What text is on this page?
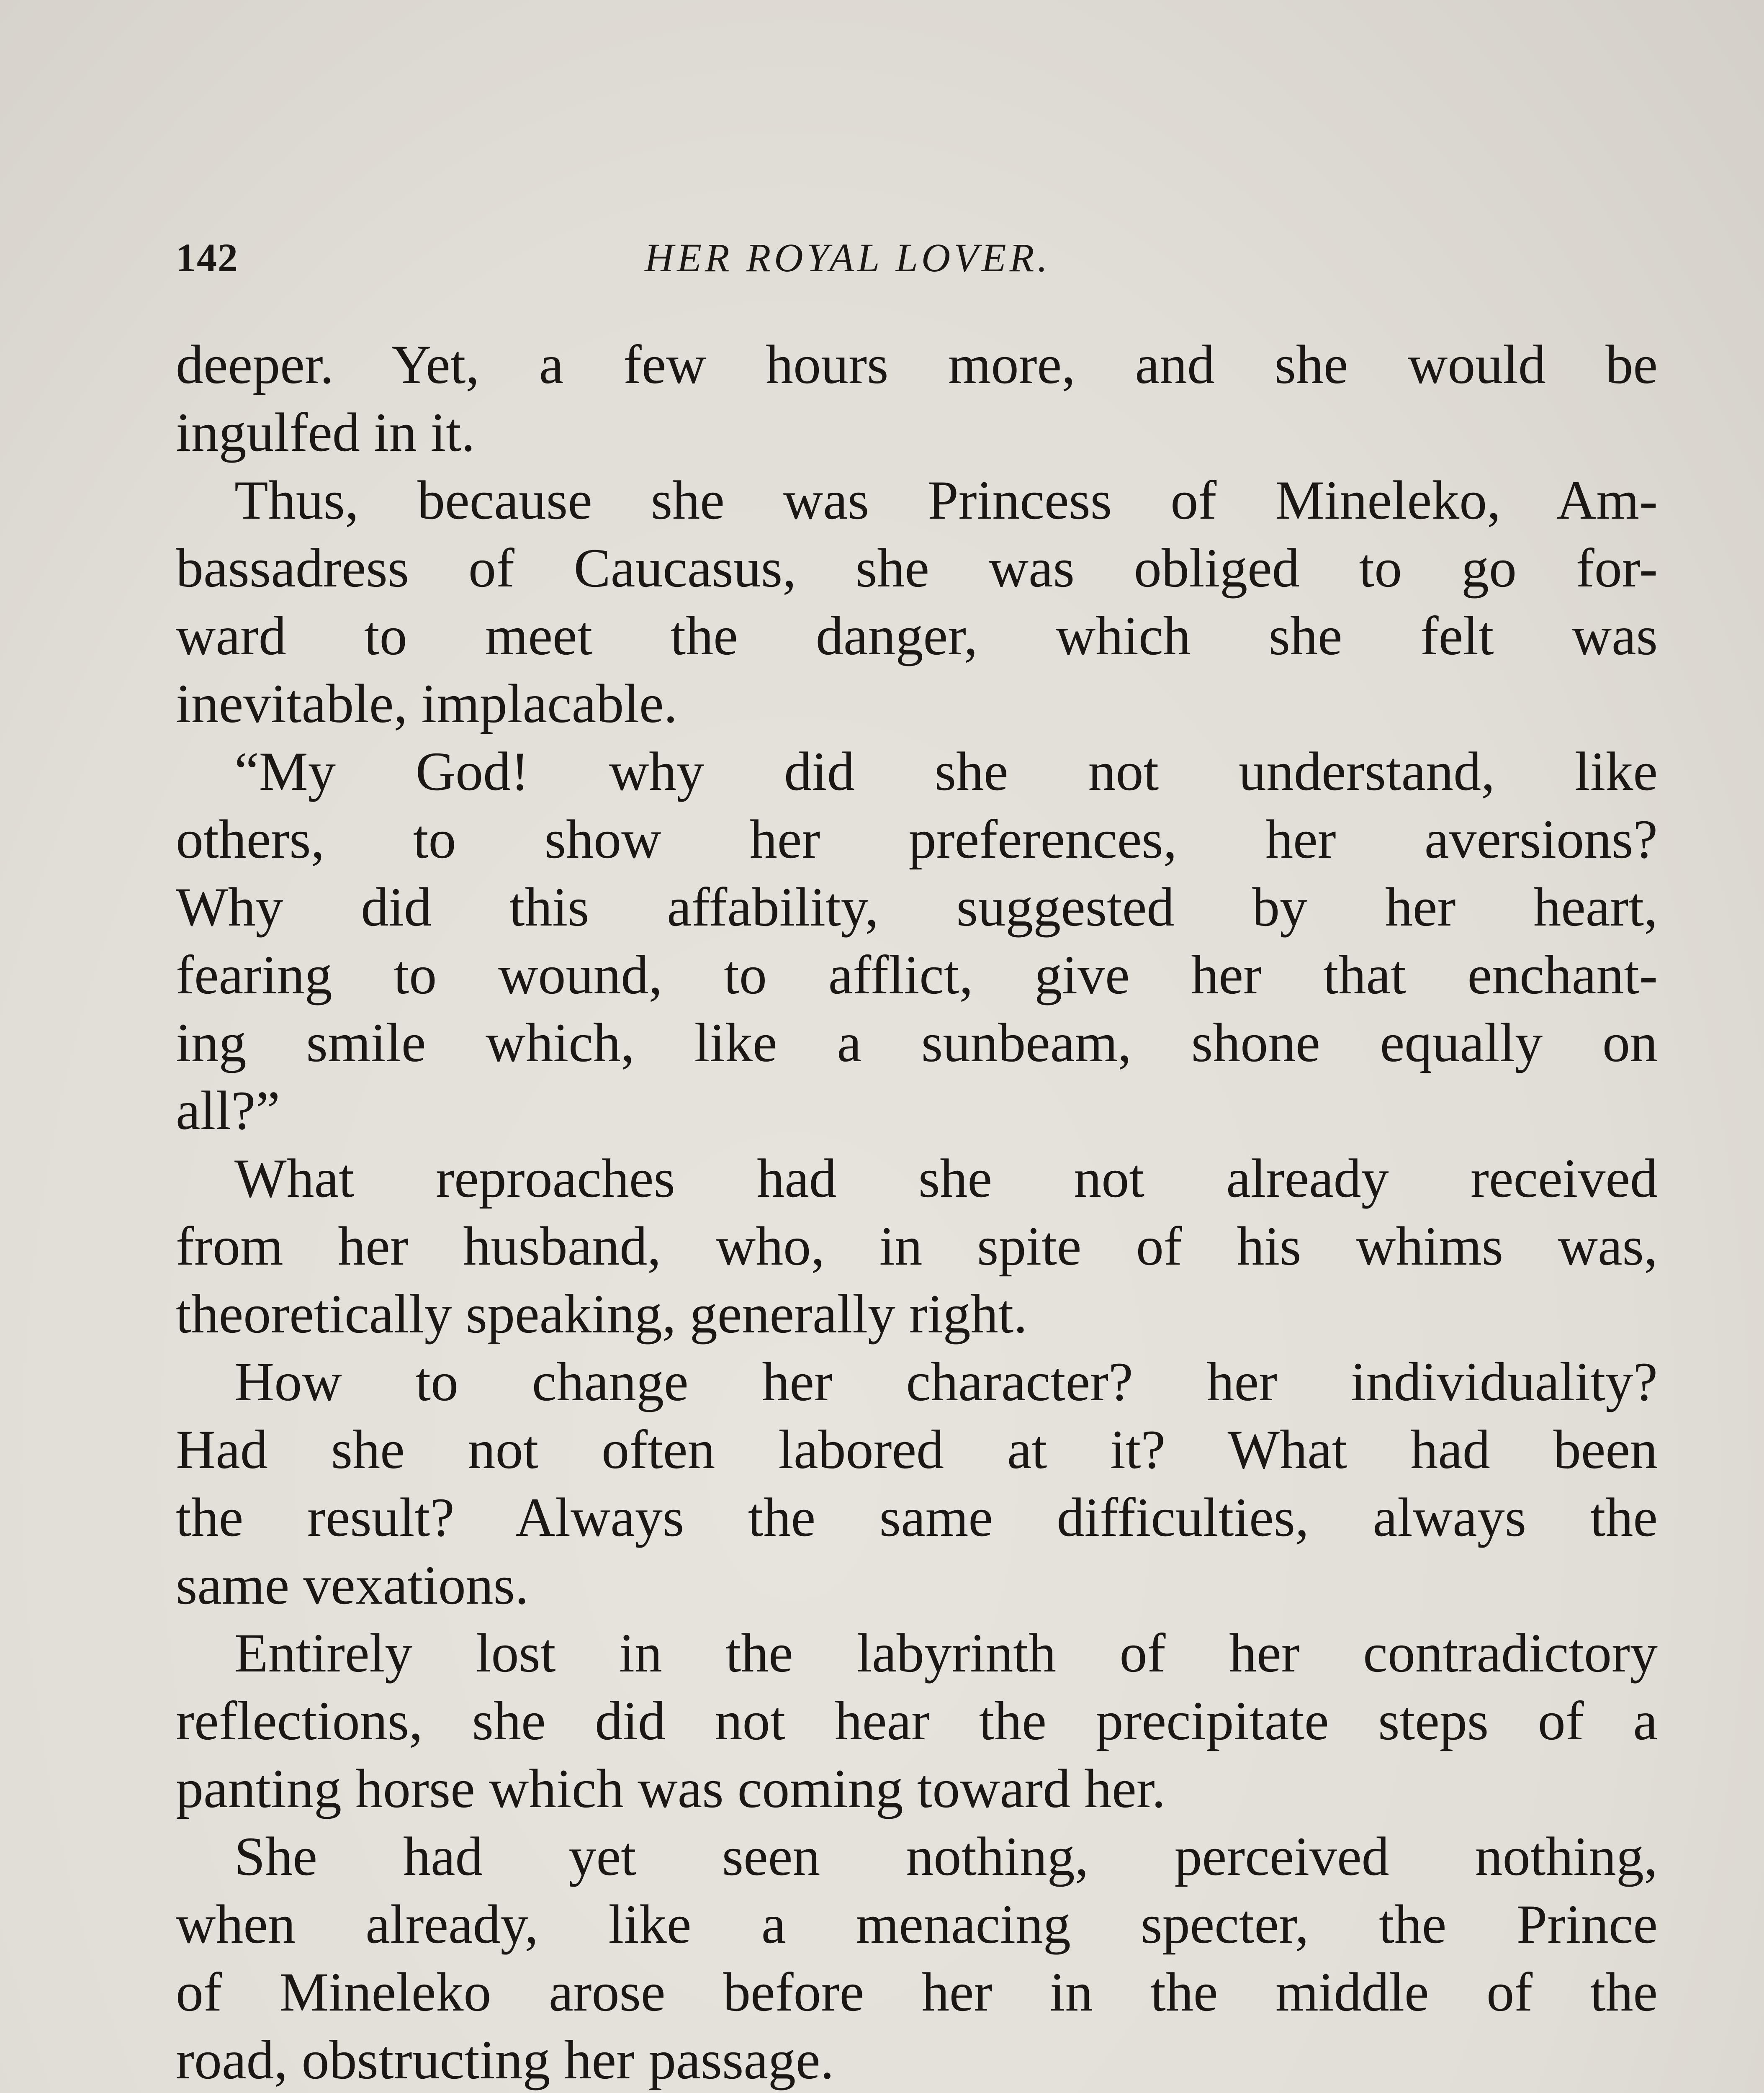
142	HER ROYAL LOVER.
deeper. Yet, a few hours more, and she would be
ingulfed in it.
Thus, because she was Princess of Mineleko, Am-
bassadress of Caucasus, she was obliged to go for-
ward to meet the danger, which she felt was
inevitable, implacable.
“My God! why did she not understand, like
others, to show her preferences, her aversions?
Why did this affability, suggested by her heart,
fearing to wound, to afflict, give her that enchant-
ing smile which, like a sunbeam, shone equally on
all?”
What reproaches had she not already received
from her husband, who, in spite of his whims was,
theoretically speaking, generally right.
How to change her character? her individuality?
Had she not often labored at it? What had been
the result? Always the same difficulties, always the
same vexations.
Entirely lost in the labyrinth of her contradictory
reflections, she did not hear the precipitate steps of a
panting horse which was coming toward her.
She had yet seen nothing, perceived nothing,
when already, like a menacing specter, the Prince
of Mineleko arose before her in the middle of the
road, obstructing her passage.
